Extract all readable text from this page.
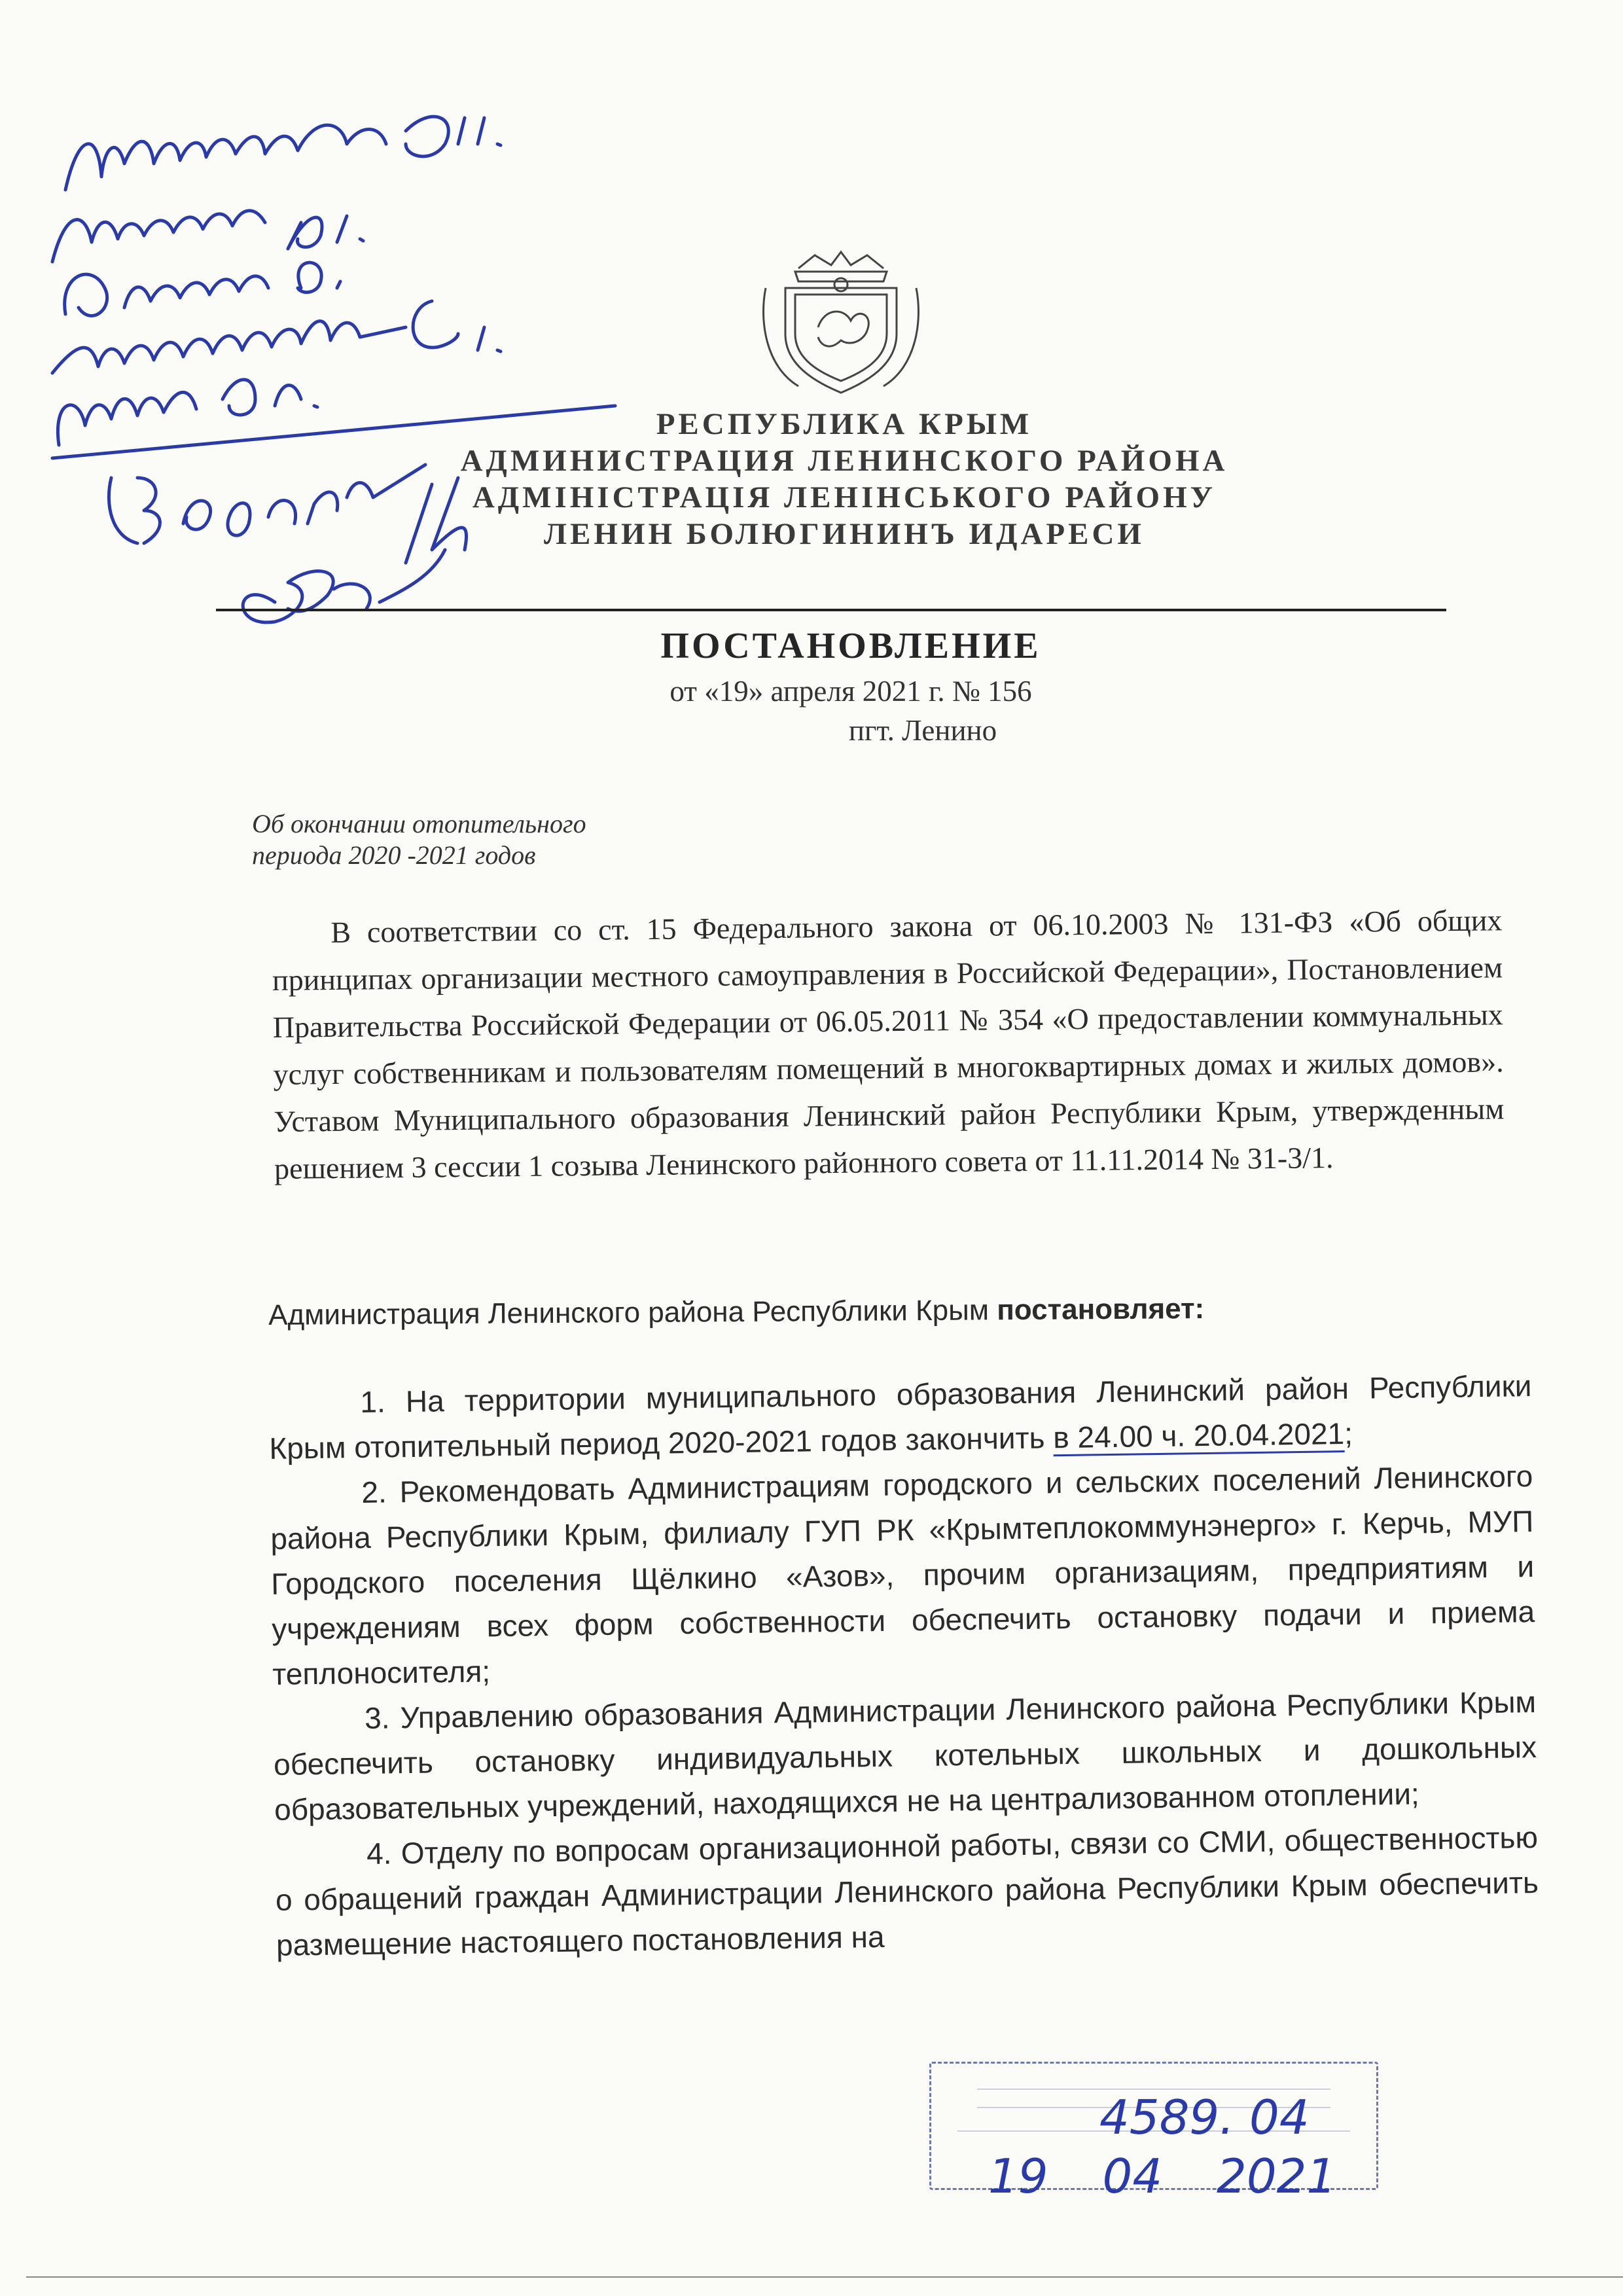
РЕСПУБЛИКА КРЫМ
АДМИНИСТРАЦИЯ ЛЕНИНСКОГО РАЙОНА
АДМІНІСТРАЦІЯ ЛЕНІНСЬКОГО РАЙОНУ
ЛЕНИН БОЛЮГИНИНЪ ИДАРЕСИ
ПОСТАНОВЛЕНИЕ
от «19» апреля 2021 г. № 156
пгт. Ленино
Об окончании отопительного
периода 2020 -2021 годов
В соответствии со ст. 15 Федерального закона от 06.10.2003 № 131-ФЗ «Об общих принципах организации местного самоуправления в Российской Федерации», Постановлением Правительства Российской Федерации от 06.05.2011 № 354 «О предоставлении коммунальных услуг собственникам и пользователям помещений в многоквартирных домах и жилых домов». Уставом Муниципального образования Ленинский район Республики Крым, утвержденным решением 3 сессии 1 созыва Ленинского районного совета от 11.11.2014 № 31-3/1.
Администрация Ленинского района Республики Крым постановляет:

1. На территории муниципального образования Ленинский район Республики Крым отопительный период 2020-2021 годов закончить в 24.00 ч. 20.04.2021;

2. Рекомендовать Администрациям городского и сельских поселений Ленинского района Республики Крым, филиалу ГУП РК «Крымтеплокоммунэнерго» г. Керчь, МУП Городского поселения Щёлкино «Азов», прочим организациям, предприятиям и учреждениям всех форм собственности обеспечить остановку подачи и приема теплоносителя;

3. Управлению образования Администрации Ленинского района Республики Крым обеспечить остановку индивидуальных котельных школьных и дошкольных образовательных учреждений, находящихся не на централизованном отоплении;

4. Отделу по вопросам организационной работы, связи со СМИ, общественностью о обращений граждан Администрации Ленинского района Республики Крым обеспечить размещение настоящего постановления на

4589. 04
19 04 2021
